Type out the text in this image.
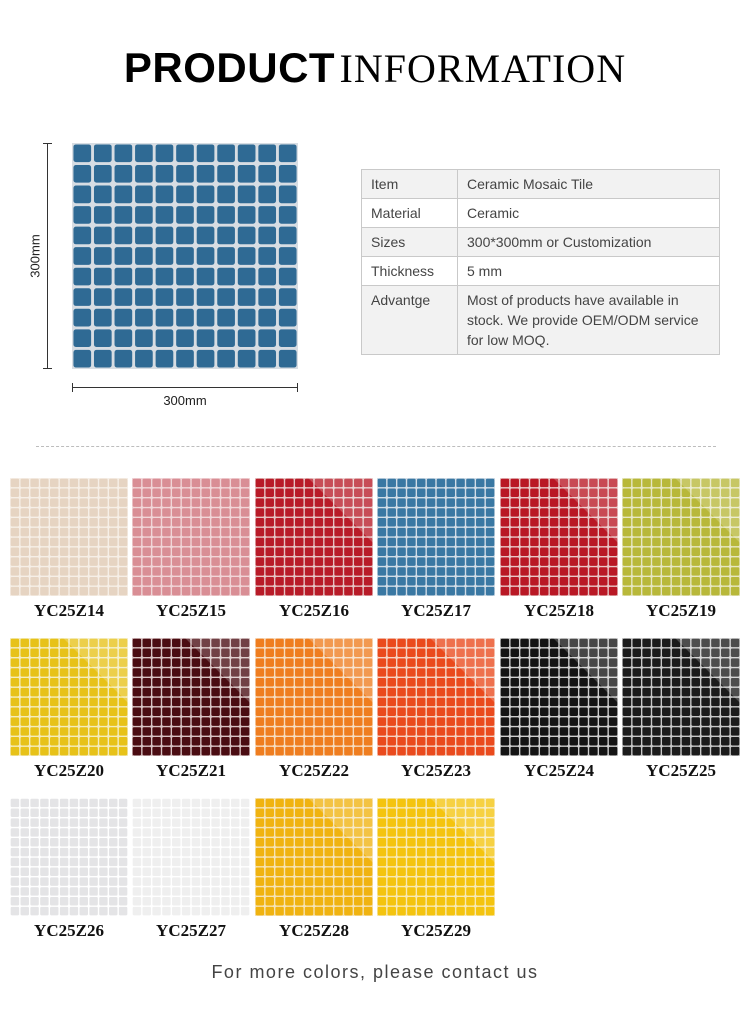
PRODUCT INFORMATION
300mm
300mm
Item	Ceramic Mosaic Tile
Material	Ceramic
Sizes	300*300mm or Customization
Thickness	5 mm
Advantge	Most of products have available in stock. We provide OEM/ODM service for low MOQ.
YC25Z14	YC25Z15	YC25Z16	YC25Z17	YC25Z18	YC25Z19
YC25Z20	YC25Z21	YC25Z22	YC25Z23	YC25Z24	YC25Z25
YC25Z26	YC25Z27	YC25Z28	YC25Z29
For more colors, please contact us
